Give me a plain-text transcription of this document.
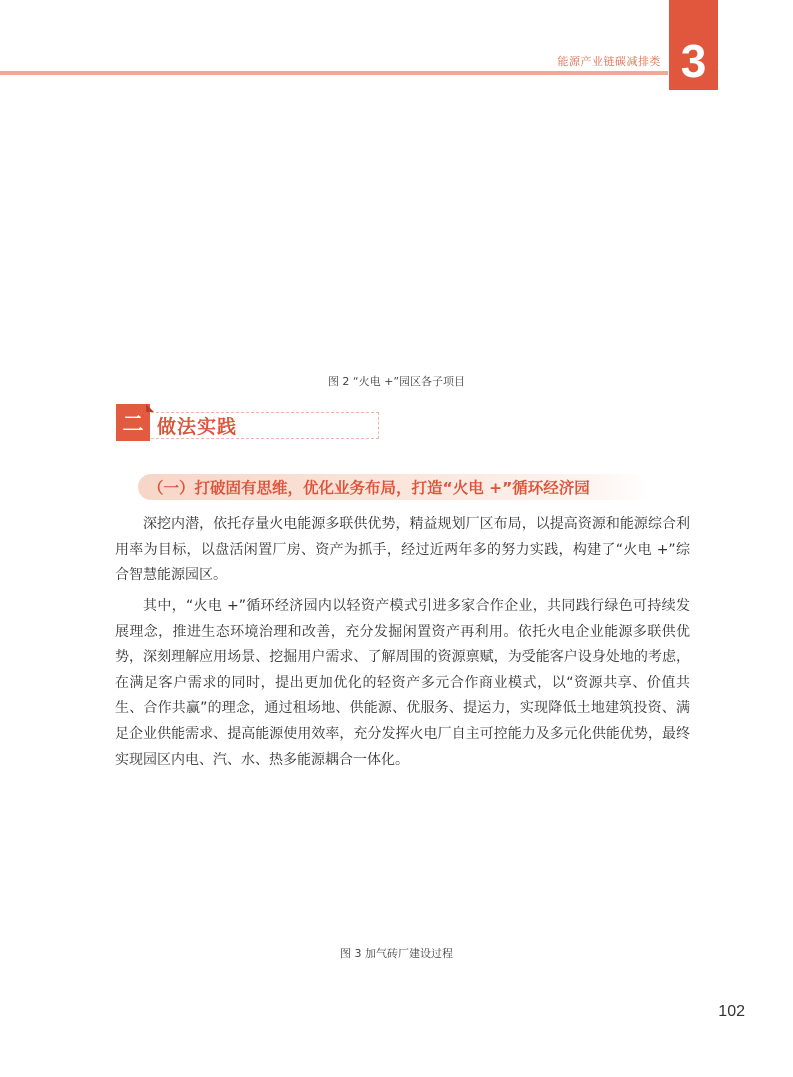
能源产业链碳减排类 3
图 2 “火电 +”园区各子项目
二 做法实践
（一）打破固有思维，优化业务布局，打造“火电 +”循环经济园

深挖内潜，依托存量火电能源多联供优势，精益规划厂区布局，以提高资源和能源综合利用率为目标，以盘活闲置厂房、资产为抓手，经过近两年多的努力实践，构建了“火电 +”综合智慧能源园区。

其中，“火电 +”循环经济园内以轻资产模式引进多家合作企业，共同践行绿色可持续发展理念，推进生态环境治理和改善，充分发掘闲置资产再利用。依托火电企业能源多联供优势，深刻理解应用场景、挖掘用户需求、了解周围的资源禀赋，为受能客户设身处地的考虑，在满足客户需求的同时，提出更加优化的轻资产多元合作商业模式，以“资源共享、价值共生、合作共赢”的理念，通过租场地、供能源、优服务、提运力，实现降低土地建筑投资、满足企业供能需求、提高能源使用效率，充分发挥火电厂自主可控能力及多元化供能优势，最终实现园区内电、汽、水、热多能源耦合一体化。

图 3 加气砖厂建设过程
102
